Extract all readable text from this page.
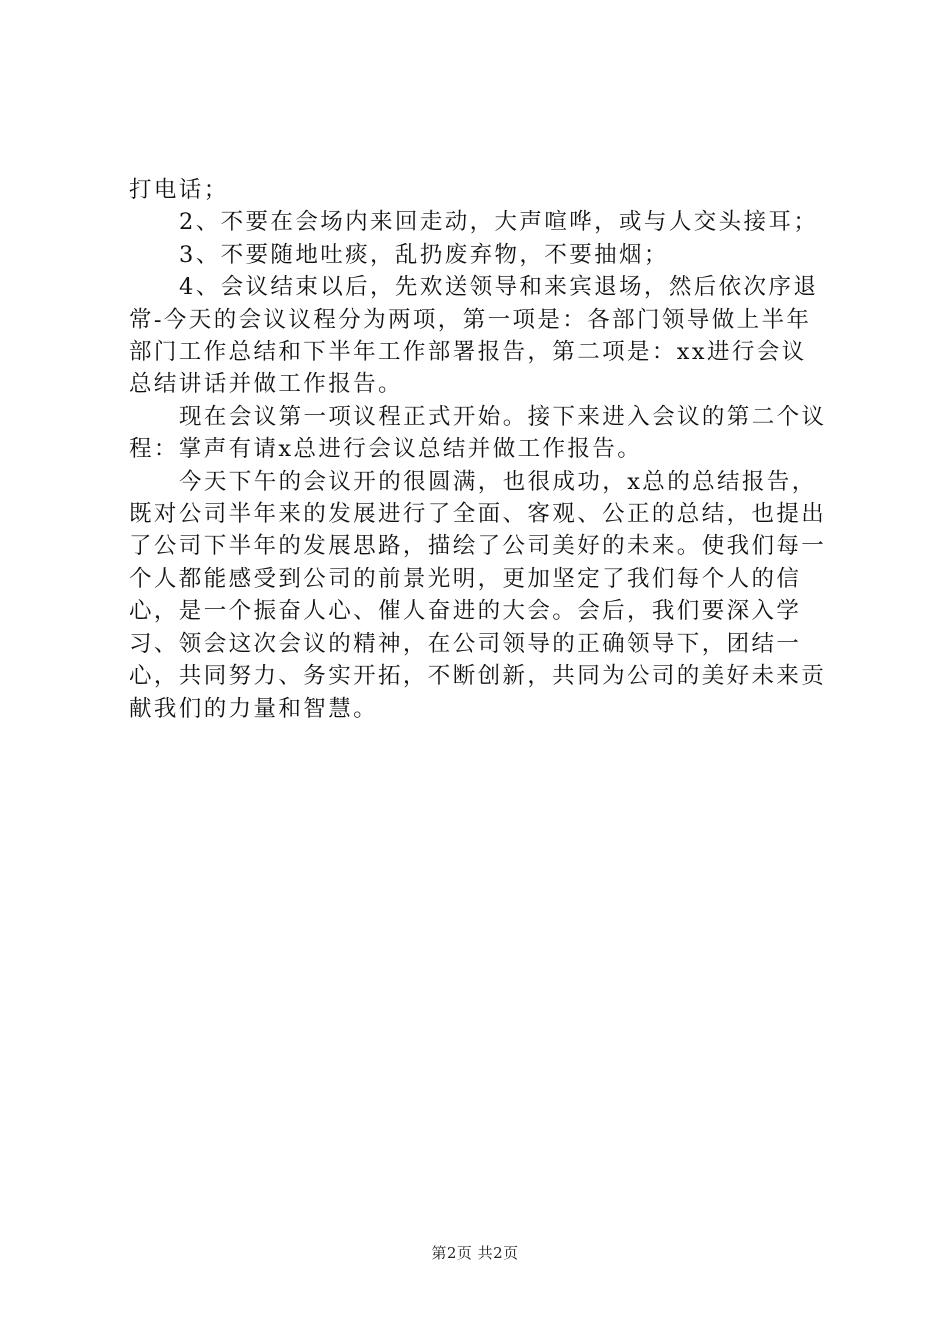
打电话；

2、不要在会场内来回走动，大声喧哗，或与人交头接耳；

3、不要随地吐痰，乱扔废弃物，不要抽烟；

4、会议结束以后，先欢送领导和来宾退场，然后依次序退常-今天的会议议程分为两项，第一项是：各部门领导做上半年部门工作总结和下半年工作部署报告，第二项是：xx进行会议总结讲话并做工作报告。

现在会议第一项议程正式开始。接下来进入会议的第二个议程：掌声有请x总进行会议总结并做工作报告。

今天下午的会议开的很圆满，也很成功，x总的总结报告，既对公司半年来的发展进行了全面、客观、公正的总结，也提出了公司下半年的发展思路，描绘了公司美好的未来。使我们每一个人都能感受到公司的前景光明，更加坚定了我们每个人的信心，是一个振奋人心、催人奋进的大会。会后，我们要深入学习、领会这次会议的精神，在公司领导的正确领导下，团结一心，共同努力、务实开拓，不断创新，共同为公司的美好未来贡献我们的力量和智慧。

第2页 共2页
